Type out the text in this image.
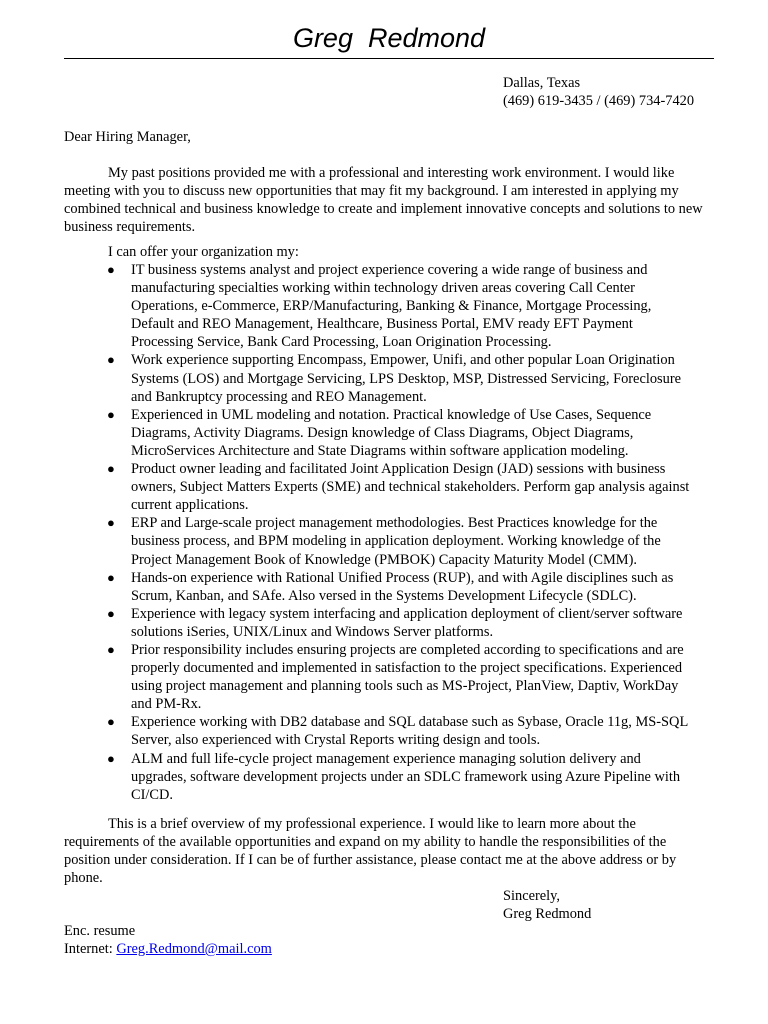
Greg  Redmond
Dallas, Texas
(469) 619-3435 / (469) 734-7420
Dear Hiring Manager,

My past positions provided me with a professional and interesting work environment. I would like meeting with you to discuss new opportunities that may fit my background. I am interested in applying my combined technical and business knowledge to create and implement innovative concepts and solutions to new business requirements.

I can offer your organization my:
● IT business systems analyst and project experience covering a wide range of business and manufacturing specialties working within technology driven areas covering Call Center Operations, e-Commerce, ERP/Manufacturing, Banking & Finance, Mortgage Processing, Default and REO Management, Healthcare, Business Portal, EMV ready EFT Payment Processing Service, Bank Card Processing, Loan Origination Processing.
● Work experience supporting Encompass, Empower, Unifi, and other popular Loan Origination Systems (LOS) and Mortgage Servicing, LPS Desktop, MSP, Distressed Servicing, Foreclosure and Bankruptcy processing and REO Management.
● Experienced in UML modeling and notation. Practical knowledge of Use Cases, Sequence Diagrams, Activity Diagrams. Design knowledge of Class Diagrams, Object Diagrams, MicroServices Architecture and State Diagrams within software application modeling.
● Product owner leading and facilitated Joint Application Design (JAD) sessions with business owners, Subject Matters Experts (SME) and technical stakeholders. Perform gap analysis against current applications.
● ERP and Large-scale project management methodologies. Best Practices knowledge for the business process, and BPM modeling in application deployment. Working knowledge of the Project Management Book of Knowledge (PMBOK) Capacity Maturity Model (CMM).
● Hands-on experience with Rational Unified Process (RUP), and with Agile disciplines such as Scrum, Kanban, and SAfe. Also versed in the Systems Development Lifecycle (SDLC).
● Experience with legacy system interfacing and application deployment of client/server software solutions iSeries, UNIX/Linux and Windows Server platforms.
● Prior responsibility includes ensuring projects are completed according to specifications and are properly documented and implemented in satisfaction to the project specifications. Experienced using project management and planning tools such as MS-Project, PlanView, Daptiv, WorkDay and PM-Rx.
● Experience working with DB2 database and SQL database such as Sybase, Oracle 11g, MS-SQL Server, also experienced with Crystal Reports writing design and tools.
● ALM and full life-cycle project management experience managing solution delivery and upgrades, software development projects under an SDLC framework using Azure Pipeline with CI/CD.

This is a brief overview of my professional experience. I would like to learn more about the requirements of the available opportunities and expand on my ability to handle the responsibilities of the position under consideration. If I can be of further assistance, please contact me at the above address or by phone.

Sincerely,
Greg Redmond
Enc. resume
Internet: Greg.Redmond@mail.com
